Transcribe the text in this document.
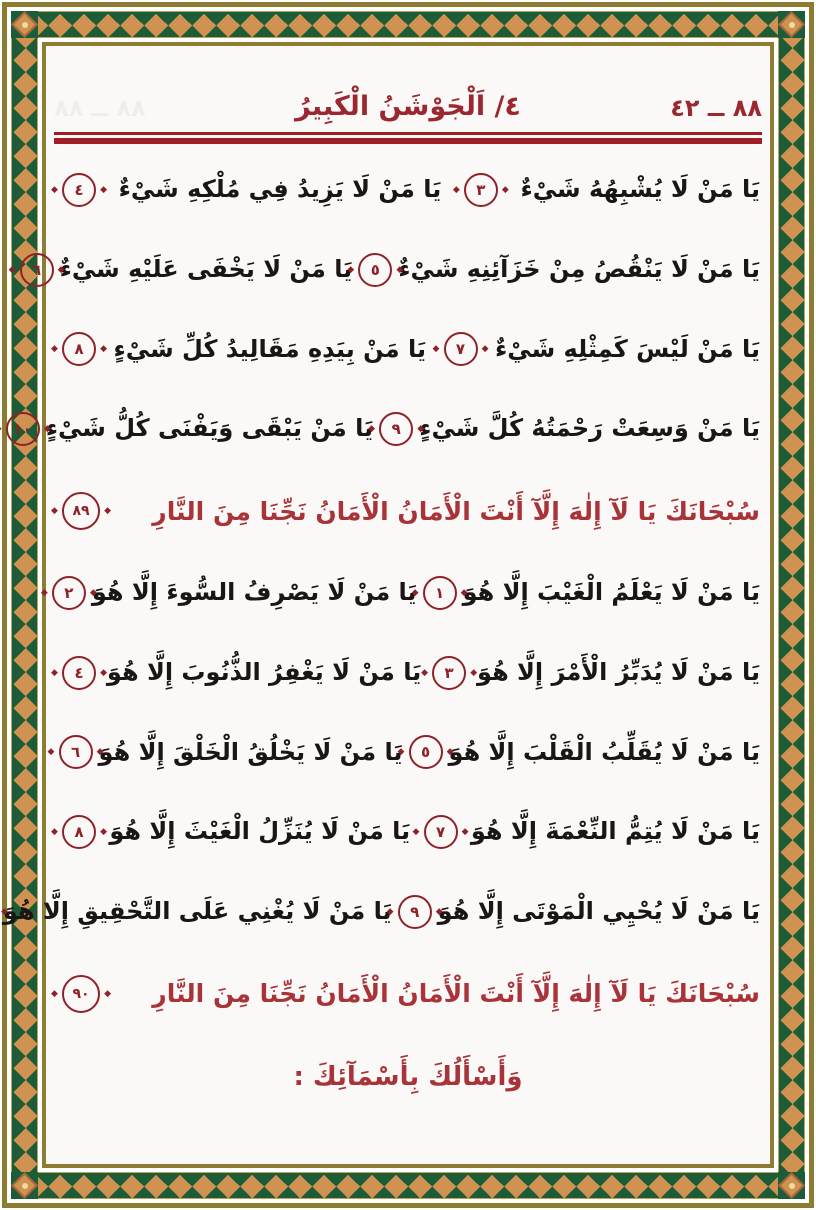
٨٨ ــ ٨٨	٤/ اَلْجَوْشَنُ الْكَبِيرُ	٨٨ ــ ٤٢
يَا مَنْ لَا يُشْبِهُهُ شَيْءٌ
◆ ٣
◆
يَا مَنْ لَا يَزِيدُ فِي مُلْكِهِ شَيْءٌ
◆ ٤
◆
يَا مَنْ لَا يَنْقُصُ مِنْ خَزَآئِنِهِ شَيْءٌ
◆ ٥
◆
يَا مَنْ لَا يَخْفَى عَلَيْهِ شَيْءٌ
◆ ٦
◆
يَا مَنْ لَيْسَ كَمِثْلِهِ شَيْءٌ
◆ ٧
◆
يَا مَنْ بِيَدِهِ مَقَالِيدُ كُلِّ شَيْءٍ
◆ ٨
◆
يَا مَنْ وَسِعَتْ رَحْمَتُهُ كُلَّ شَيْءٍ
◆ ٩
◆
يَا مَنْ يَبْقَى وَيَفْنَى كُلُّ شَيْءٍ
◆ ١٠
◆
سُبْحَانَكَ يَا لَآ إِلٰهَ إِلَّآ أَنْتَ الْأَمَانُ الْأَمَانُ نَجِّنَا مِنَ النَّارِ
◆ ٨٩
◆
يَا مَنْ لَا يَعْلَمُ الْغَيْبَ إِلَّا هُوَ
◆ ١
◆
يَا مَنْ لَا يَصْرِفُ السُّوءَ إِلَّا هُوَ
◆ ٢
◆
يَا مَنْ لَا يُدَبِّرُ الْأَمْرَ إِلَّا هُوَ
◆ ٣
◆
يَا مَنْ لَا يَغْفِرُ الذُّنُوبَ إِلَّا هُوَ
◆ ٤
◆
يَا مَنْ لَا يُقَلِّبُ الْقَلْبَ إِلَّا هُوَ
◆ ٥
◆
يَا مَنْ لَا يَخْلُقُ الْخَلْقَ إِلَّا هُوَ
◆ ٦
◆
يَا مَنْ لَا يُتِمُّ النِّعْمَةَ إِلَّا هُوَ
◆ ٧
◆
يَا مَنْ لَا يُنَزِّلُ الْغَيْثَ إِلَّا هُوَ
◆ ٨
◆
يَا مَنْ لَا يُحْيِي الْمَوْتَى إِلَّا هُوَ
◆ ٩
◆
يَا مَنْ لَا يُغْنِي عَلَى التَّحْقِيقِ إِلَّا هُوَ
سُبْحَانَكَ يَا لَآ إِلٰهَ إِلَّآ أَنْتَ الْأَمَانُ الْأَمَانُ نَجِّنَا مِنَ النَّارِ
◆ ٩٠
◆
وَأَسْأَلُكَ بِأَسْمَآئِكَ :
